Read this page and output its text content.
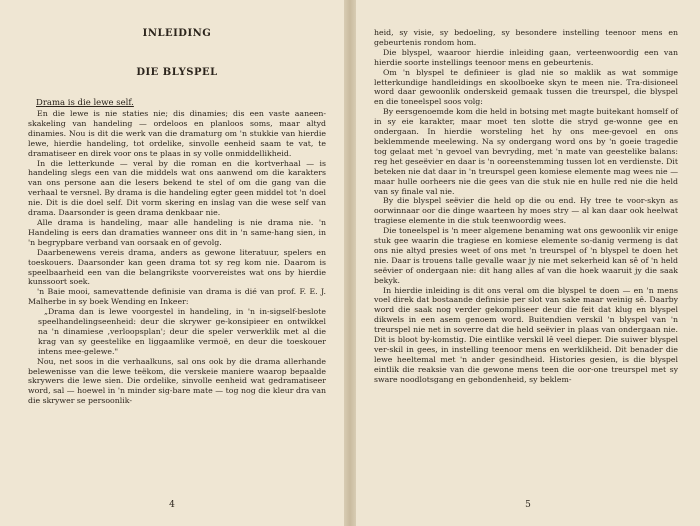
INLEIDING
DIE BLYSPEL
Drama is die lewe self.

En die lewe is nie staties nie; dis dinamies; dis een vaste aaneen-skakeling van handeling — ordeloos en planloos soms, maar altyd dinamies. Nou is dit die werk van die dramaturg om 'n stukkie van hierdie lewe, hierdie handeling, tot ordelike, sinvolle eenheid saam te vat, te dramatiseer en direk voor ons te plaas in sy volle onmiddellikheid.

In die letterkunde — veral by die roman en die kortverhaal — is handeling slegs een van die middels wat ons aanwend om die karakters van ons persone aan die lesers bekend te stel of om die gang van die verhaal te versnel. By drama is die handeling egter geen middel tot 'n doel nie. Dit is die doel self. Dit vorm skering en inslag van die wese self van drama. Daarsonder is geen drama denkbaar nie.

Alle drama is handeling, maar alle handeling is nie drama nie. 'n Handeling is eers dan dramaties wanneer ons dit in 'n same-hang sien, in 'n begrypbare verband van oorsaak en of gevolg.

Daarbenewens vereis drama, anders as gewone literatuur, spelers en toeskouers. Daarsonder kan geen drama tot sy reg kom nie. Daarom is speelbaarheid een van die belangrikste voorvereistes wat ons by hierdie kunssoort soek.

'n Baie mooi, samevattende definisie van drama is dié van prof. F. E. J. Malherbe in sy boek Wending en Inkeer:

„Drama dan is lewe voorgestel in handeling, in 'n in-sigself-beslote speelhandelingseenheid: deur die skrywer ge-konsipieer en ontwikkel na 'n dinamiese ‚verloopsplan'; deur die speler verwerklik met al die krag van sy geestelike en liggaamlike vermoë, en deur die toeskouer intens mee-gelewe."

Nou, net soos in die verhaalkuns, sal ons ook by die drama allerhande belewenisse van die lewe teëkom, die verskeie maniere waarop bepaalde skrywers die lewe sien. Die ordelike, sinvolle eenheid wat gedramatiseer word, sal — hoewel in 'n minder sig-bare mate — tog nog die kleur dra van die skrywer se persoonlik-

4

heid, sy visie, sy bedoeling, sy besondere instelling teenoor mens en gebeurtenis rondom hom.

Die blyspel, waaroor hierdie inleiding gaan, verteenwoordig een van hierdie soorte instellings teenoor mens en gebeurtenis.

Om 'n blyspel te definieer is glad nie so maklik as wat sommige letterkundige handleidings en skoolboeke skyn te meen nie. Tra-disioneel word daar gewoonlik onderskeid gemaak tussen die treurspel, die blyspel en die toneelspel soos volg:

By eersgenoemde kom die held in botsing met magte buitekant homself of in sy eie karakter, maar moet ten slotte die stryd ge-wonne gee en ondergaan. In hierdie worsteling het hy ons mee-gevoel en ons beklemmende meelewing. Na sy ondergang word ons by 'n goeie tragedie tog gelaat met 'n gevoel van bevryding, met 'n mate van geestelike balans: reg het geseëvier en daar is 'n ooreenstemming tussen lot en verdienste. Dit beteken nie dat daar in 'n treurspel geen komiese elemente mag wees nie — maar hulle oorheers nie die gees van die stuk nie en hulle red nie die held van sy finale val nie.

By die blyspel seëvier die held op die ou end. Hy tree te voor-skyn as oorwinnaar oor die dinge waarteen hy moes stry — al kan daar ook heelwat tragiese elemente in die stuk teenwoordig wees.

Die toneelspel is 'n meer algemene benaming wat ons gewoonlik vir enige stuk gee waarin die tragiese en komiese elemente so-danig vermeng is dat ons nie altyd presies weet of ons met 'n treurspel of 'n blyspel te doen het nie. Daar is trouens talle gevalle waar jy nie met sekerheid kan sê of 'n held seëvier of ondergaan nie: dit hang alles af van die hoek waaruit jy die saak bekyk.

In hierdie inleiding is dit ons veral om die blyspel te doen — en 'n mens voel direk dat bostaande definisie per slot van sake maar weinig sê. Daarby word die saak nog verder gekompliseer deur die feit dat klug en blyspel dikwels in een asem genoem word. Buitendien verskil 'n blyspel van 'n treurspel nie net in soverre dat die held seëvier in plaas van ondergaan nie. Dit is bloot by-komstig. Die eintlike verskil lê veel dieper. Die suiwer blyspel ver-skil in gees, in instelling teenoor mens en werklikheid. Dit benader die lewe heeltemal met 'n ander gesindheid. Histories gesien, is die blyspel eintlik die reaksie van die gewone mens teen die oor-one treurspel met sy sware noodlotsgang en gebondenheid, sy beklem-

5
